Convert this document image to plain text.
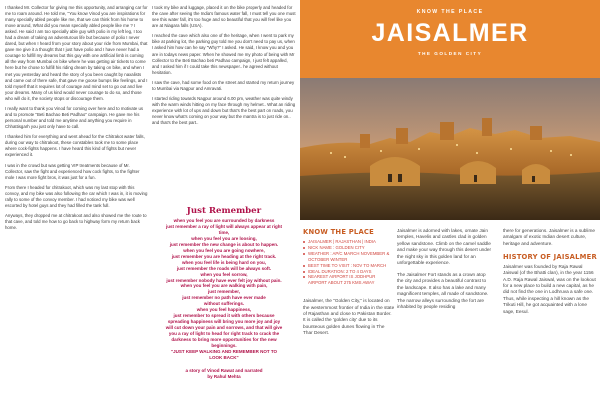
I thanked Mr. Collector for giving me this opportunity, and arranging car for me to roam around. He told me, "You know Vinod you are inspirations for many specially abled people like me, that we can think from his home to move around, What did you mean specially abled people like me ? I asked. He said I am too specially able guy with polio in my left leg, I too had a dream of taking an adventurous life but because of polio I never dared, but when I heard from your story about your ride from Mumbai, that gave me give it a thought that I just have polio and I have never had a courage to fulfill my dreams but this guy with one artificial limb is coming all the way from Mumbai on bike where he was getting air tickets to come here but he chose to fulfill his riding dream by taking on bike, and when I met you yesterday and heard the story of you been caught by naxalists and came out of there safe, that gave me goose bumps like feelings, and I told myself that it requires lot of courage and mind set to go out and live your dreams. Many of us kind would never courage to do so, and those who will do it, the society stops or discourage them.

I really want to thank you Vinod for coming over here and to motivate us and to promote "Beti Bachao Beti Padhao" campaign. He gave me his personal number and told me anytime and anything you require in Chhattisgarh you just only have to call.

I thanked him for everything and went ahead for the Chitrakot water falls, during our way to chitrakoot, these constables took me to some place where cock-fights happens. I have heard this kind of fights but never experienced it.

I was in the crowd but was getting VIP treatments because of Mr. Collector, saw the fight and experienced how cock fights, to the fighter mole I was more fight bros, it was just for a fun.

From there I headed for chitrakoot, which was my last stop with this convoy, and my bike was also following the car which I was in, it is moving rally to some of the convoy member. I had noticed my bike was well escorted by hotel guys and they had filled the tank full.

Anyways, they dropped me at chitrakoot and also showed me the route to that cave, and told me how to go back to highway form my return back home.

I took my bike and luggage, placed it on the bike properly and headed for the cave after seeing the India's famous water fall, I must tell you one must see this water fall, it's too huge and so beautiful that you will feel like you are at Niagara falls (USA).

I reached the cave which also one of the heritage, when I went to park my bike at parking lot, the parking guy told me you don't need to pay us, when I asked him how can he say "Why?" I asked. He said, I know you and you are in todays news paper. When he showed me my photo of being with Mr Collector to the Beti Bachao beti Padhao campaign, I just felt appalled, and I asked him if I could take this newspaper.. he agreed without hesitation.

I saw the cave, had some food on the street and started my return journey to Mumbai via Nagpur and Amravati.

I started riding towards Nagpur around 6.00 pm, weather was quite windy with the warm winds hitting on my face through my helmet.. What an riding experience with lot of ups and down but that's the best part on roads, you never know what's coming on your way but the mantra is to just ride on.. and that's the best part..

Just Remember
when you feel you are surrounded by darkness
just remember a ray of light will always appear at right
time,
when you feel you are loosing,
just remember the new change is about to happen.
when you feel you are going nowhere,
just remember you are heading at the right track.
when you feel life is being hard on you,
just remember the roads will be always soft.
when you feel sorrow,
just remember nobody have ever felt joy without pain.
when you feel you are walking with pain,
just remember,
just remember no path have ever made
without sufferings.
when you feel happiness,
just remember to spread it with others because
spreading happiness will bring you more joy and joy
will cut down your pain and sorrows, and that will give
you a ray of light to head for right track to crack the
darkness to bring more opportunities for the new
beginnings.
"JUST KEEP WALKING AND REMEMBER NOT TO
LOOK BACK"
a story of Vinod Rawat and narrated
by Rahul Mehta
KNOW THE PLACE
JAISALMER
THE GOLDEN CITY
KNOW THE PLACE
JAISALMER | RAJASTHAN | INDIA
NICK NAME : GOLDEN CITY
WEATHER : AP/C MARCH NOVEMBER & OCTOBER WINTER
BEST TIME TO VISIT : NOV TO MARCH
IDEAL DURATION: 2 TO 4 DAYS
NEAREST AIRPORT IS JODHPUR AIRPORT ABOUT 275 KMS AWAY

Jaisalmer, the "Golden City," is located on the westernmost frontier of India in the state of Rajasthan and close to Pakistan Border. It is called the 'golden city' due to its bounteous golden dunes flowing in The Thar Desert.

Jaisalmer is adorned with lakes, ornate Jain temples, Havelis and castles clad in golden yellow sandstone. Climb on the camel saddle and make your way through this desert under the night sky in this golden land for an unforgettable experience.

The Jaisalmer Fort stands as a crown atop the city and provides a beautiful contrast to the landscape. It also has a lake and many magnificent temples, all made of sandstone. The narrow alleys surrounding the fort are inhabited by people residing

there for generations. Jaisalmer is a sublime amalgam of exotic Indian desert culture, heritage and adventure.

HISTORY OF JAISALMER

Jaisalmer was founded by Raja Rawal Jaiswal (of the Bhatti clan), in the year 1156 A.D. Raja Rawal Jaiswal, was on the lookout for a new place to build a new capital, as he did not find the one in Lodhruva a safe one. Thus, while inspecting a hill known as the Trikuti Hill, he got acquainted with a lone sage, Eesul.
